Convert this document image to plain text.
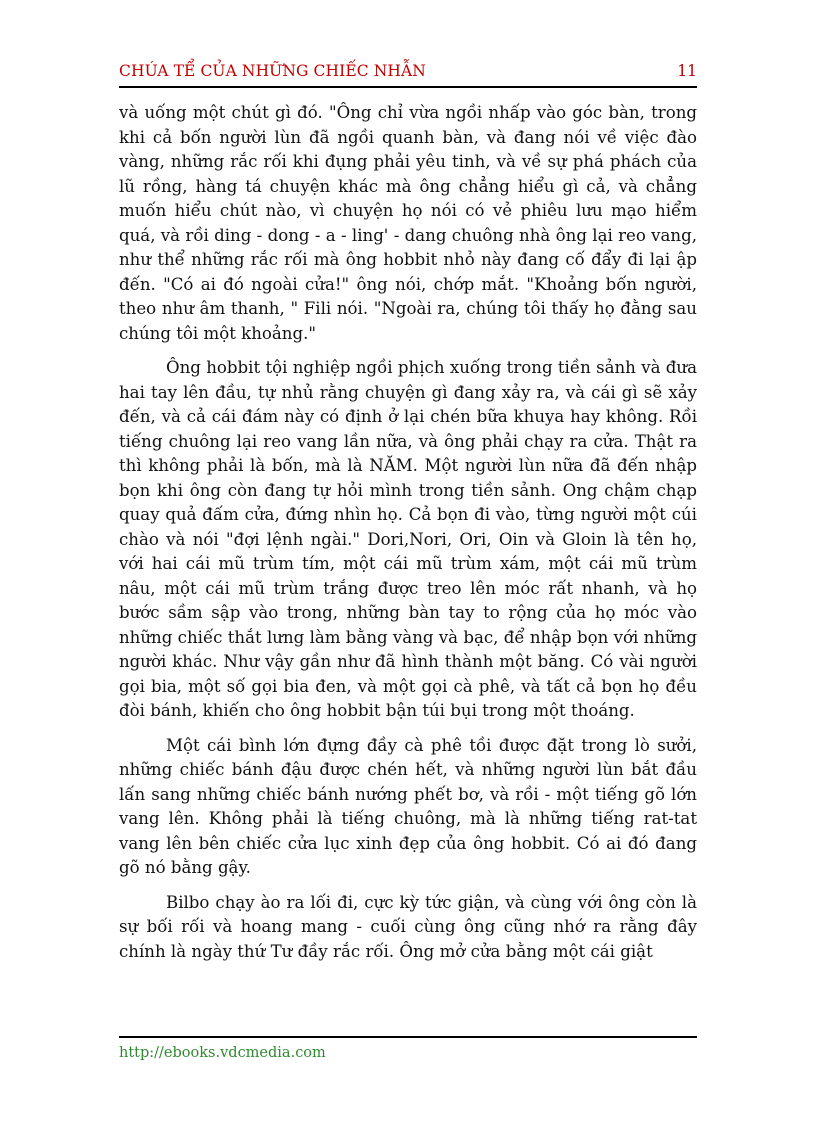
CHÚA TỂ CỦA NHỮNG CHIẾC NHẪN	11

và uống một chút gì đó. "Ông chỉ vừa ngồi nhấp vào góc bàn, trong khi cả bốn người lùn đã ngồi quanh bàn, và đang nói về việc đào vàng, những rắc rối khi đụng phải yêu tinh, và về sự phá phách của lũ rồng, hàng tá chuyện khác mà ông chẳng hiểu gì cả, và chẳng muốn hiểu chút nào, vì chuyện họ nói có vẻ phiêu lưu mạo hiểm quá, và rồi ding - dong - a - ling' - dang chuông nhà ông lại reo vang, như thể những rắc rối mà ông hobbit nhỏ này đang cố đẩy đi lại ập đến. "Có ai đó ngoài cửa!" ông nói, chớp mắt. "Khoảng bốn người, theo như âm thanh, " Fili nói. "Ngoài ra, chúng tôi thấy họ đằng sau chúng tôi một khoảng."

Ông hobbit tội nghiệp ngồi phịch xuống trong tiền sảnh và đưa hai tay lên đầu, tự nhủ rằng chuyện gì đang xảy ra, và cái gì sẽ xảy đến, và cả cái đám này có định ở lại chén bữa khuya hay không. Rồi tiếng chuông lại reo vang lần nữa, và ông phải chạy ra cửa. Thật ra thì không phải là bốn, mà là NĂM. Một người lùn nữa đã đến nhập bọn khi ông còn đang tự hỏi mình trong tiền sảnh. Ong chậm chạp quay quả đấm cửa, đứng nhìn họ. Cả bọn đi vào, từng người một cúi chào và nói "đợi lệnh ngài." Dori,Nori, Ori, Oin và Gloin là tên họ, với hai cái mũ trùm tím, một cái mũ trùm xám, một cái mũ trùm nâu, một cái mũ trùm trắng được treo lên móc rất nhanh, và họ bước sầm sập vào trong, những bàn tay to rộng của họ móc vào những chiếc thắt lưng làm bằng vàng và bạc, để nhập bọn với những người khác. Như vậy gần như đã hình thành một băng. Có vài người gọi bia, một số gọi bia đen, và một gọi cà phê, và tất cả bọn họ đều đòi bánh, khiến cho ông hobbit bận túi bụi trong một thoáng.

Một cái bình lớn đựng đầy cà phê tồi được đặt trong lò sưởi, những chiếc bánh đậu được chén hết, và những người lùn bắt đầu lấn sang những chiếc bánh nướng phết bơ, và rồi - một tiếng gõ lớn vang lên. Không phải là tiếng chuông, mà là những tiếng rat-tat vang lên bên chiếc cửa lục xinh đẹp của ông hobbit. Có ai đó đang gõ nó bằng gậy.

Bilbo chạy ào ra lối đi, cực kỳ tức giận, và cùng với ông còn là sự bối rối và hoang mang - cuối cùng ông cũng nhớ ra rằng đây chính là ngày thứ Tư đầy rắc rối. Ông mở cửa bằng một cái giật

http://ebooks.vdcmedia.com
